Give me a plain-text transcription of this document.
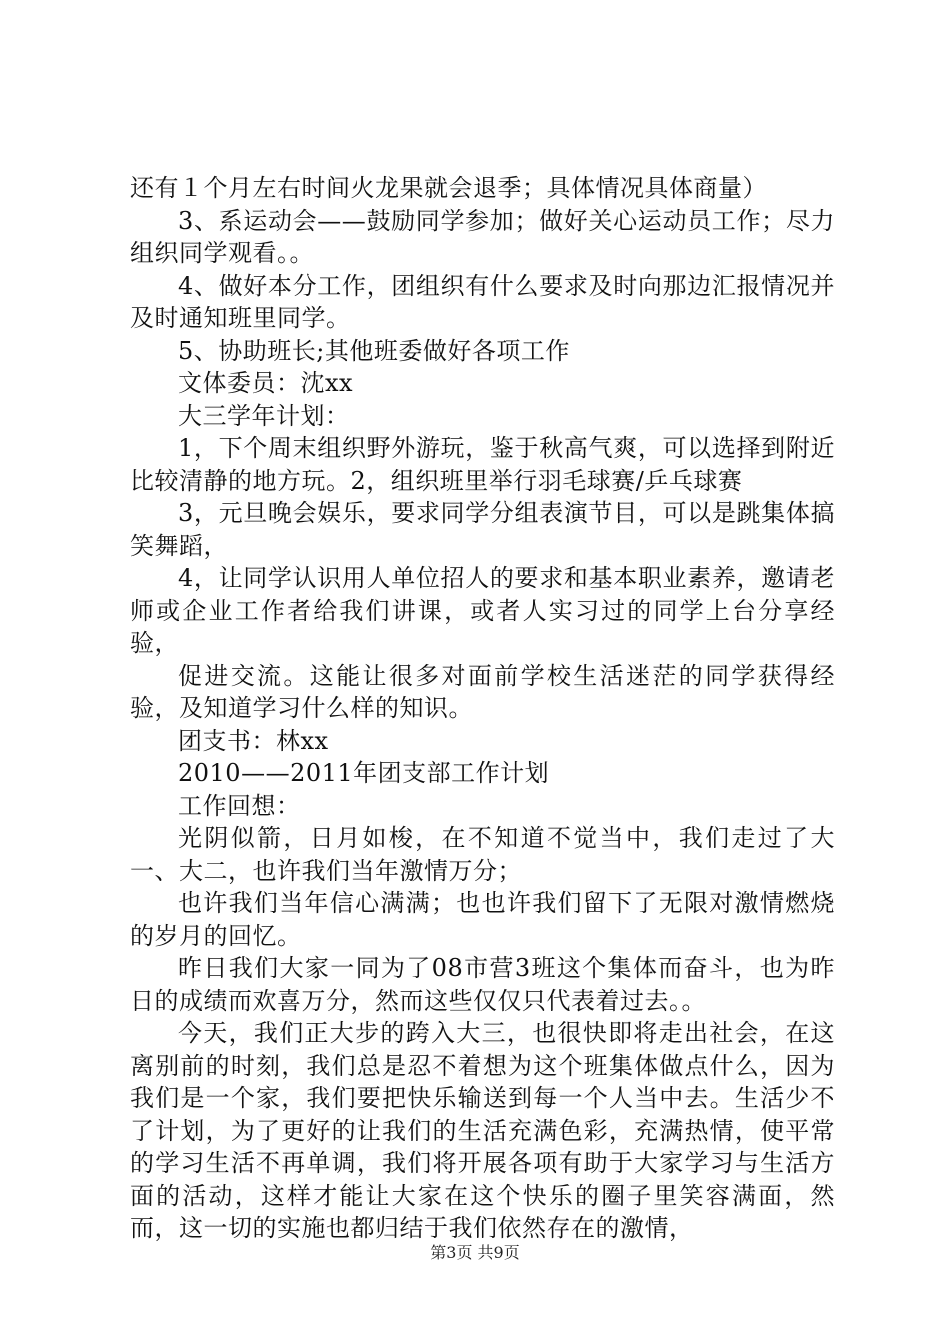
还有１个月左右时间火龙果就会退季；具体情况具体商量）

3、系运动会——鼓励同学参加；做好关心运动员工作；尽力组织同学观看。。

4、做好本分工作，团组织有什么要求及时向那边汇报情况并及时通知班里同学。

5、协助班长;其他班委做好各项工作

文体委员：沈xx

大三学年计划：

1，下个周末组织野外游玩，鉴于秋高气爽，可以选择到附近比较清静的地方玩。2，组织班里举行羽毛球赛/乒乓球赛

3，元旦晚会娱乐，要求同学分组表演节目，可以是跳集体搞笑舞蹈，

4，让同学认识用人单位招人的要求和基本职业素养，邀请老师或企业工作者给我们讲课，或者人实习过的同学上台分享经验，

促进交流。这能让很多对面前学校生活迷茫的同学获得经验，及知道学习什么样的知识。

团支书：林xx

2010——2011年团支部工作计划

工作回想：

光阴似箭，日月如梭，在不知道不觉当中，我们走过了大一、大二，也许我们当年激情万分；

也许我们当年信心满满；也也许我们留下了无限对激情燃烧的岁月的回忆。

昨日我们大家一同为了08市营3班这个集体而奋斗，也为昨日的成绩而欢喜万分，然而这些仅仅只代表着过去。。

今天，我们正大步的跨入大三，也很快即将走出社会，在这离别前的时刻，我们总是忍不着想为这个班集体做点什么，因为我们是一个家，我们要把快乐输送到每一个人当中去。生活少不了计划，为了更好的让我们的生活充满色彩，充满热情，使平常的学习生活不再单调，我们将开展各项有助于大家学习与生活方面的活动，这样才能让大家在这个快乐的圈子里笑容满面，然而，这一切的实施也都归结于我们依然存在的激情，

第3页 共9页
